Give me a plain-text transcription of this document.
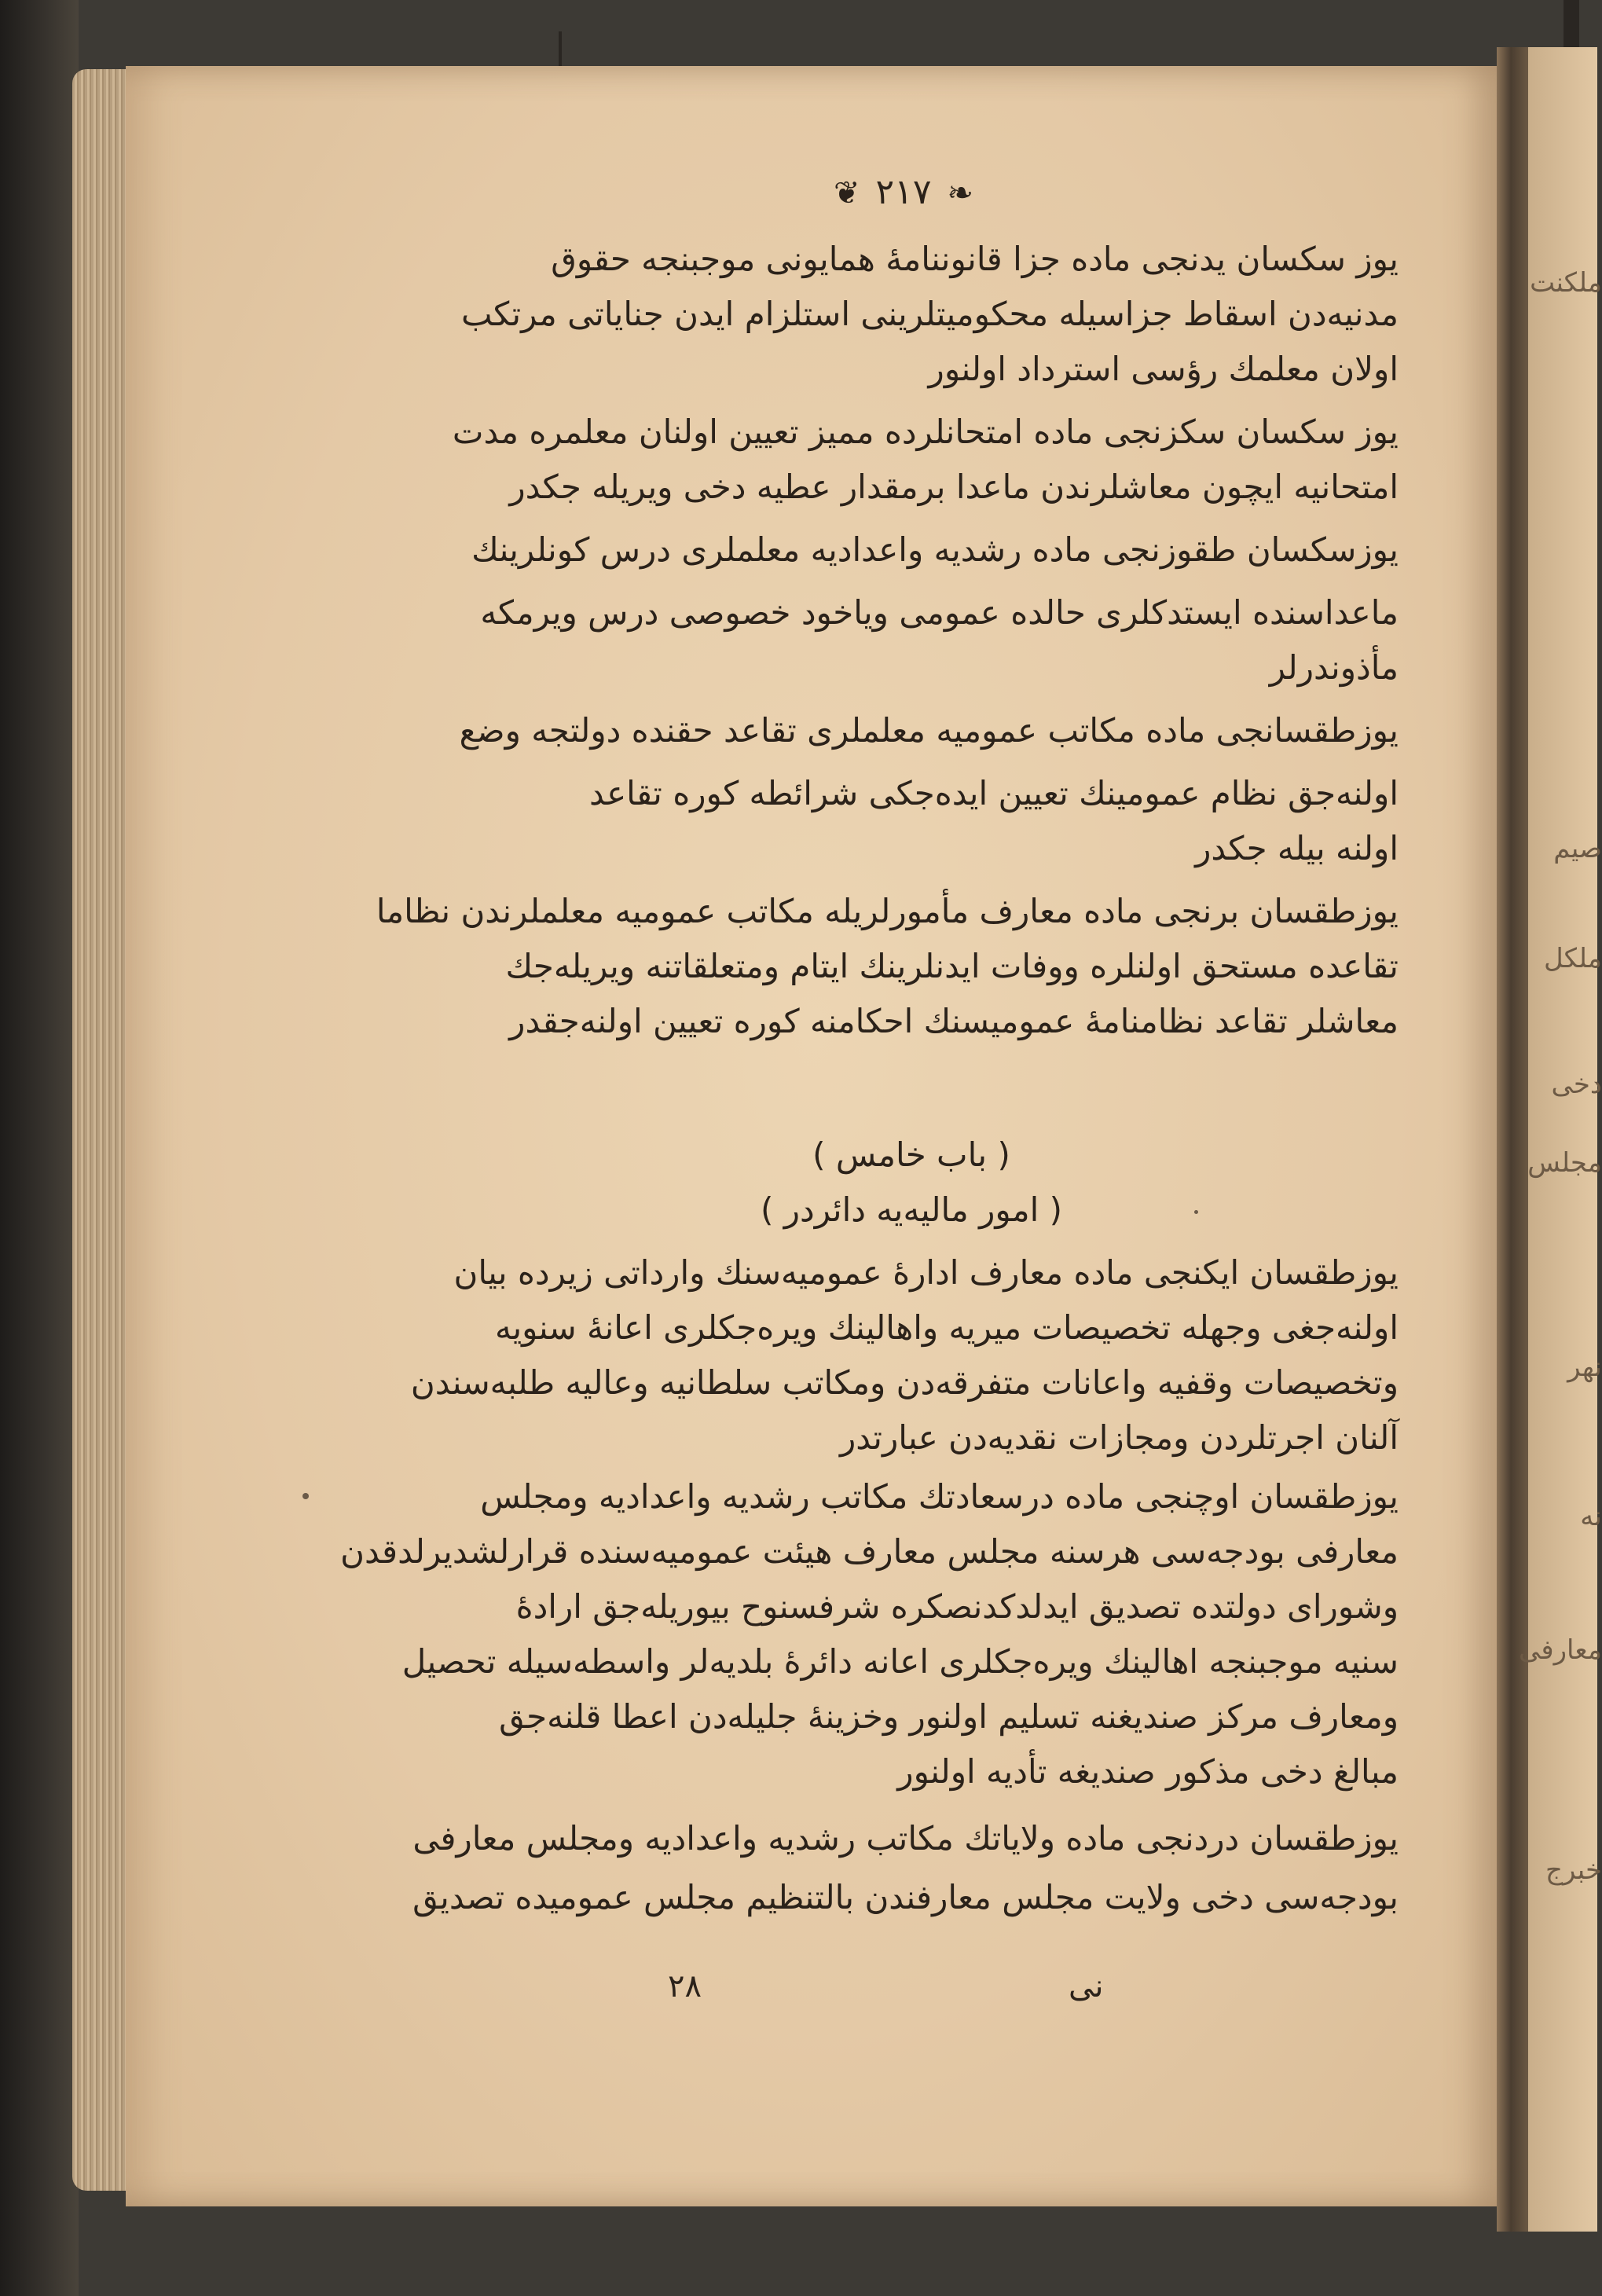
ملکنت
صیم
ملکل
دخی
مجلس
نهر
نه
معارفی
خبرج
❦ ٢١٧ ❧
یوز سکسان یدنجی ماده جزا قانوننامهٔ همایونی موجبنجه حقوق
مدنیه‌دن اسقاط جزاسیله محکومیتلرینی استلزام ایدن جنایاتی مرتکب
اولان معلمك رؤسی استرداد اولنور
یوز سکسان سکزنجی ماده امتحانلرده ممیز تعیین اولنان معلمره مدت
امتحانیه ایچون معاشلرندن ماعدا برمقدار عطیه دخی ویریله جکدر
یوزسکسان طقوزنجی ماده رشدیه واعدادیه معلملری درس کونلرینك
ماعداسنده ایستدکلری حالده عمومی ویاخود خصوصی درس ویرمکه
مأذوندرلر
یوزطقسانجی ماده مکاتب عمومیه معلملری تقاعد حقنده دولتجه وضع
اولنه‌جق نظام عمومینك تعیین ایده‌جکی شرائطه کوره تقاعد
اولنه بیله جکدر
یوزطقسان برنجی ماده معارف مأمورلریله مکاتب عمومیه معلملرندن نظاما
تقاعده مستحق اولنلره ووفات ایدنلرینك ایتام ومتعلقاتنه ویریله‌جك
معاشلر تقاعد نظامنامهٔ عمومیسنك احکامنه کوره تعیین اولنه‌جقدر
( باب خامس )
( امور مالیه‌یه دائردر )
یوزطقسان ایکنجی ماده معارف ادارهٔ عمومیه‌سنك وارداتی زیرده بیان
اولنه‌جغی وجهله تخصیصات میریه واهالینك ویره‌جکلری اعانهٔ سنویه
وتخصیصات وقفیه واعانات متفرقه‌دن ومکاتب سلطانیه وعالیه طلبه‌سندن
آلنان اجرتلردن ومجازات نقدیه‌دن عبارتدر
یوزطقسان اوچنجی ماده درسعادتك مکاتب رشدیه واعدادیه ومجلس
معارفی بودجه‌سی هرسنه مجلس معارف هیئت عمومیه‌سنده قرارلشدیرلدقدن
وشورای دولتده تصدیق ایدلدکدنصکره شرفسنوح بیوریله‌جق ارادهٔ
سنیه موجبنجه اهالینك ویره‌جکلری اعانه دائرهٔ بلدیه‌لر واسطه‌سیله تحصیل
ومعارف مرکز صندیغنه تسلیم اولنور وخزینهٔ جلیله‌دن اعطا قلنه‌جق
مبالغ دخی مذکور صندیغه تأدیه اولنور
یوزطقسان دردنجی ماده ولایاتك مکاتب رشدیه واعدادیه ومجلس معارفی
بودجه‌سی دخی ولایت مجلس معارفندن بالتنظیم مجلس عمومیده تصدیق
٢٨	نی
